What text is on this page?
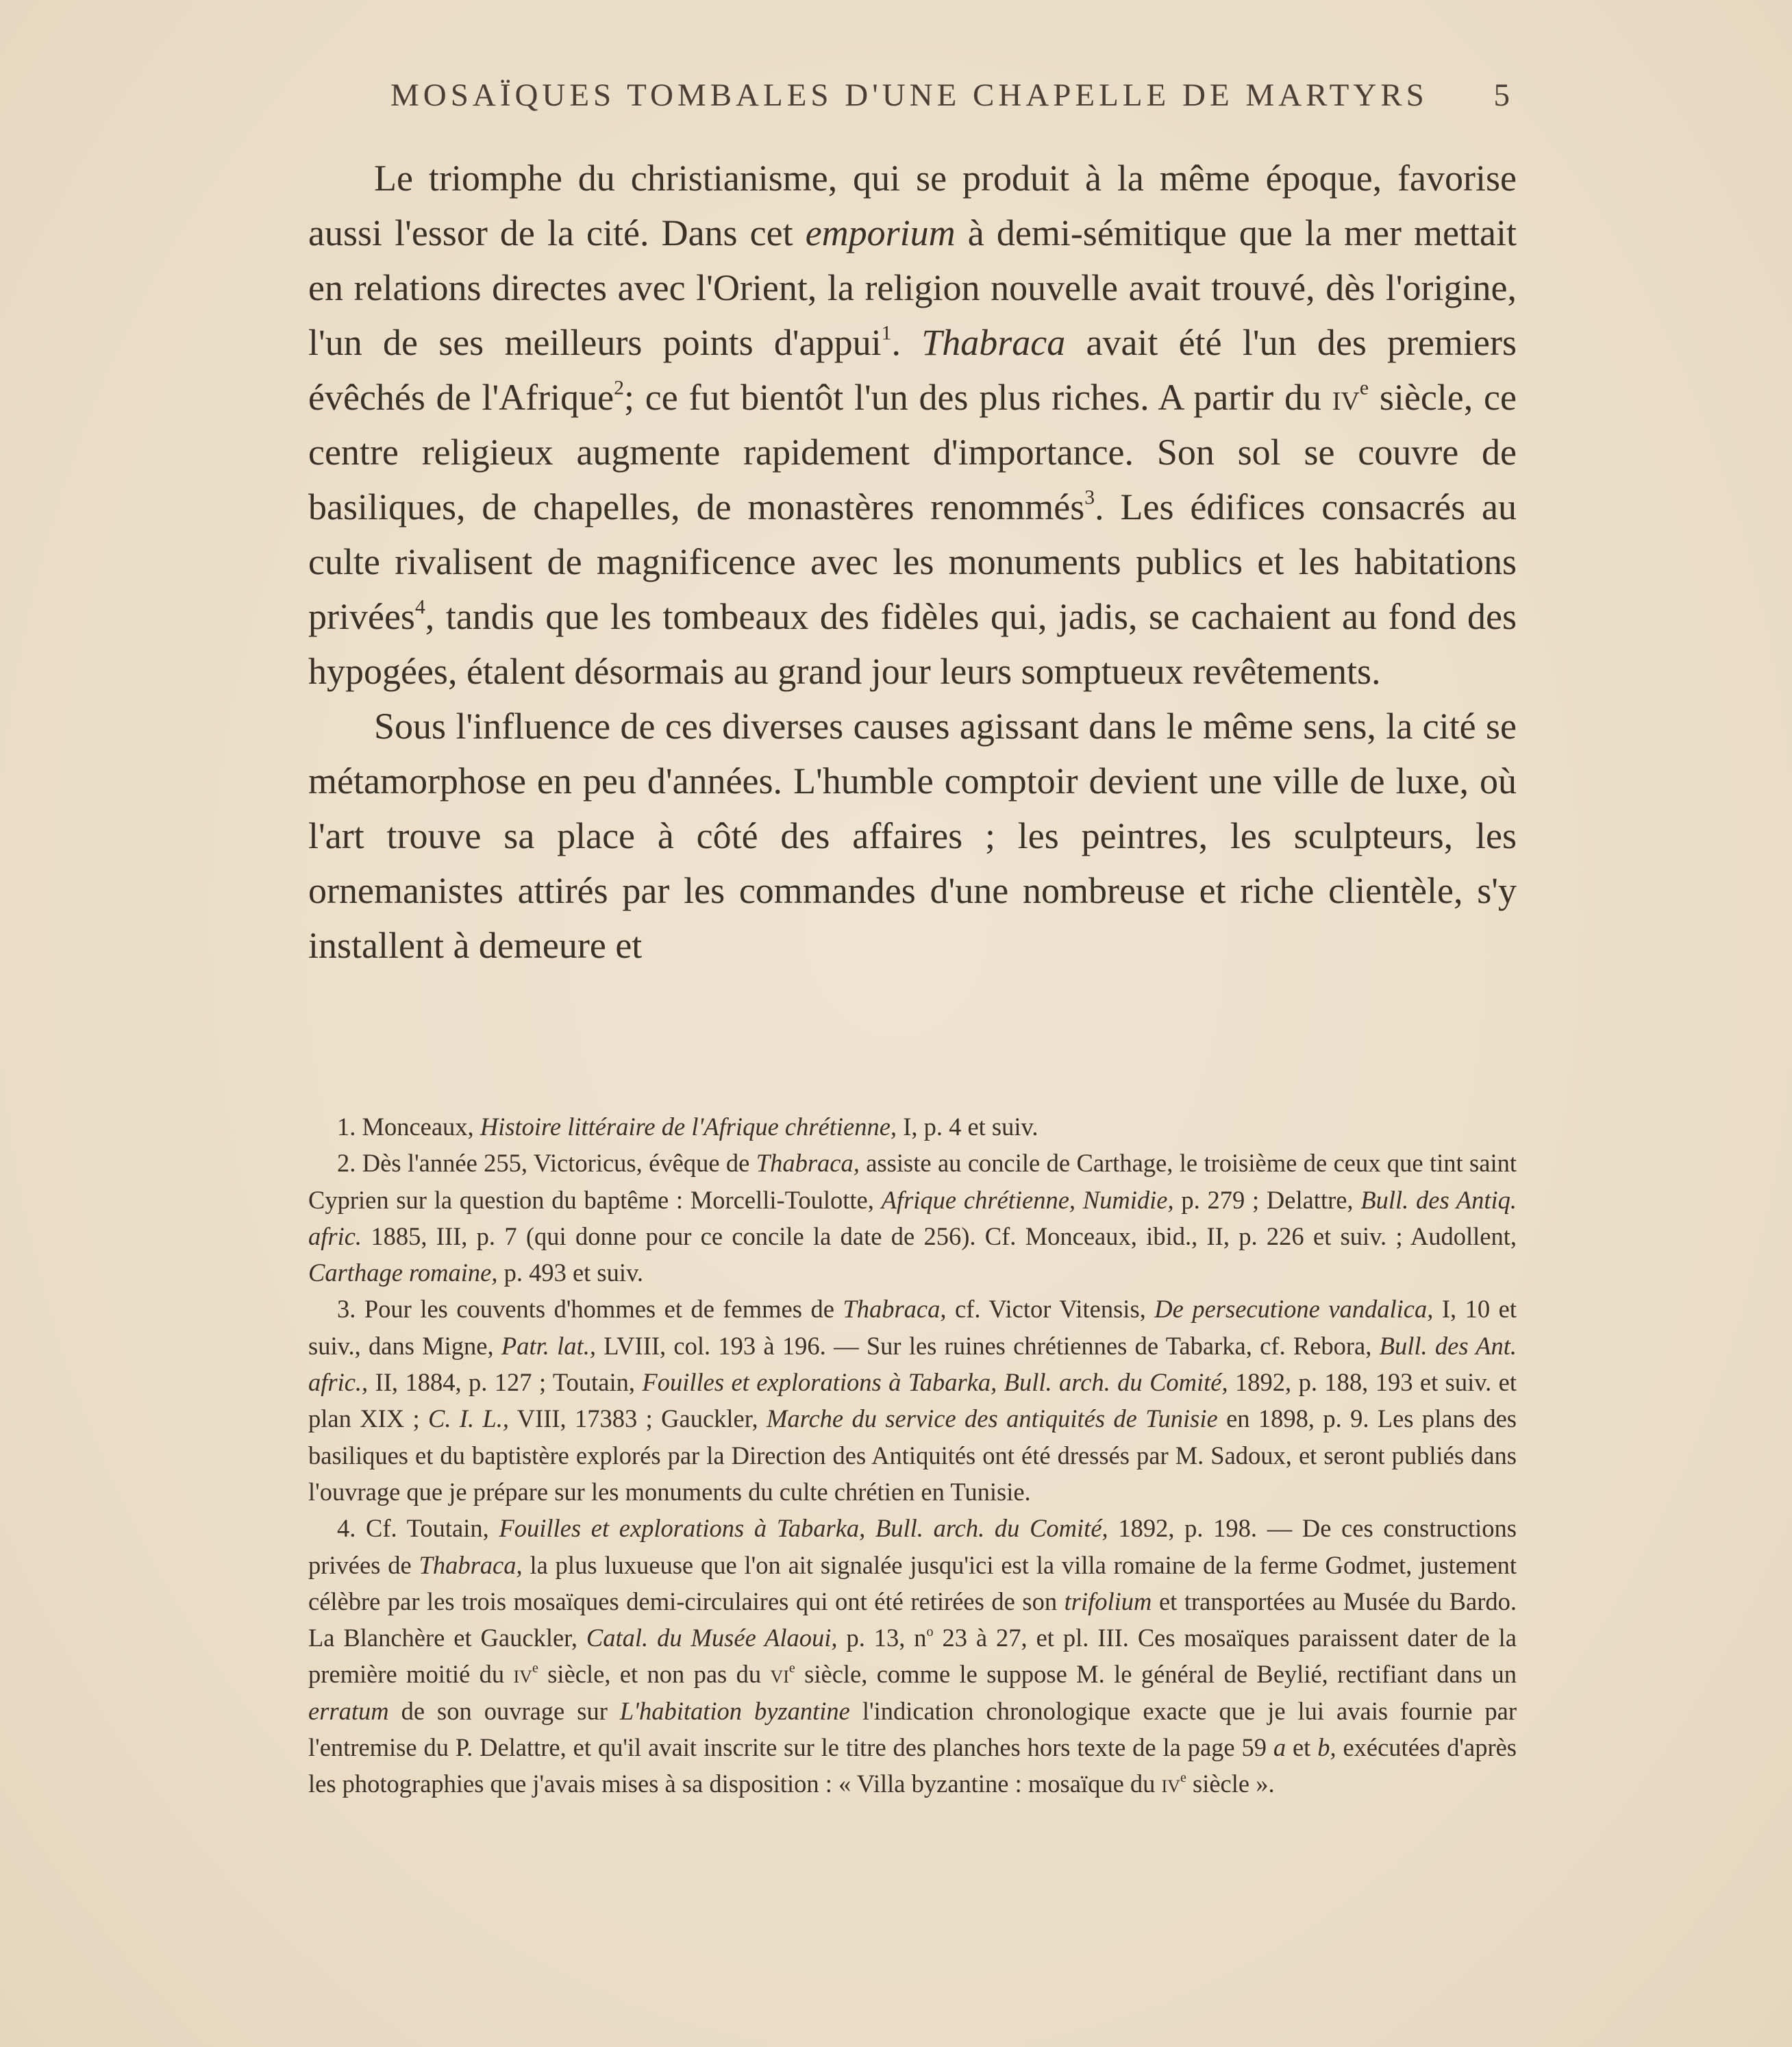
MOSAÏQUES TOMBALES D'UNE CHAPELLE DE MARTYRS 5

Le triomphe du christianisme, qui se produit à la même époque, favorise aussi l'essor de la cité. Dans cet emporium à demi-sémitique que la mer mettait en relations directes avec l'Orient, la religion nouvelle avait trouvé, dès l'origine, l'un de ses meilleurs points d'appui$^1$. Thabraca avait été l'un des premiers évêchés de l'Afrique$^2$; ce fut bientôt l'un des plus riches. A partir du $iv^e$ siècle, ce centre religieux augmente rapidement d'importance. Son sol se couvre de basiliques, de chapelles, de monastères renommés$^3$. Les édifices consacrés au culte rivalisent de magnificence avec les monuments publics et les habitations privées$^4$, tandis que les tombeaux des fidèles qui, jadis, se cachaient au fond des hypogées, étalent désormais au grand jour leurs somptueux revêtements.

Sous l'influence de ces diverses causes agissant dans le même sens, la cité se métamorphose en peu d'années. L'humble comptoir devient une ville de luxe, où l'art trouve sa place à côté des affaires ; les peintres, les sculpteurs, les ornemanistes attirés par les commandes d'une nombreuse et riche clientèle, s'y installent à demeure et

1. Monceaux, Histoire littéraire de l'Afrique chrétienne, I, p. 4 et suiv.

2. Dès l'année 255, Victoricus, évêque de Thabraca, assiste au concile de Carthage, le troisième de ceux que tint saint Cyprien sur la question du baptême : Morcelli-Toulotte, Afrique chrétienne, Numidie, p. 279 ; Delattre, Bull. des Antiq. afric. 1885, III, p. 7 (qui donne pour ce concile la date de 256). Cf. Monceaux, ibid., II, p. 226 et suiv. ; Audollent, Carthage romaine, p. 493 et suiv.

3. Pour les couvents d'hommes et de femmes de Thabraca, cf. Victor Vitensis, De persecutione vandalica, I, 10 et suiv., dans Migne, Patr. lat., LVIII, col. 193 à 196. — Sur les ruines chrétiennes de Tabarka, cf. Rebora, Bull. des Ant. afric., II, 1884, p. 127 ; Toutain, Fouilles et explorations à Tabarka, Bull. arch. du Comité, 1892, p. 188, 193 et suiv. et plan XIX ; C. I. L., VIII, 17383 ; Gauckler, Marche du service des antiquités de Tunisie en 1898, p. 9. Les plans des basiliques et du baptistère explorés par la Direction des Antiquités ont été dressés par M. Sadoux, et seront publiés dans l'ouvrage que je prépare sur les monuments du culte chrétien en Tunisie.

4. Cf. Toutain, Fouilles et explorations à Tabarka, Bull. arch. du Comité, 1892, p. 198. — De ces constructions privées de Thabraca, la plus luxueuse que l'on ait signalée jusqu'ici est la villa romaine de la ferme Godmet, justement célèbre par les trois mosaïques demi-circulaires qui ont été retirées de son trifolium et transportées au Musée du Bardo. La Blanchère et Gauckler, Catal. du Musée Alaoui, p. 13, $n^o$ 23 à 27, et pl. III. Ces mosaïques paraissent dater de la première moitié du $iv^e$ siècle, et non pas du $vi^e$ siècle, comme le suppose M. le général de Beylié, rectifiant dans un erratum de son ouvrage sur L'habitation byzantine l'indication chronologique exacte que je lui avais fournie par l'entremise du P. Delattre, et qu'il avait inscrite sur le titre des planches hors texte de la page 59 a et b, exécutées d'après les photographies que j'avais mises à sa disposition : « Villa byzantine : mosaïque du $iv^e$ siècle ».
